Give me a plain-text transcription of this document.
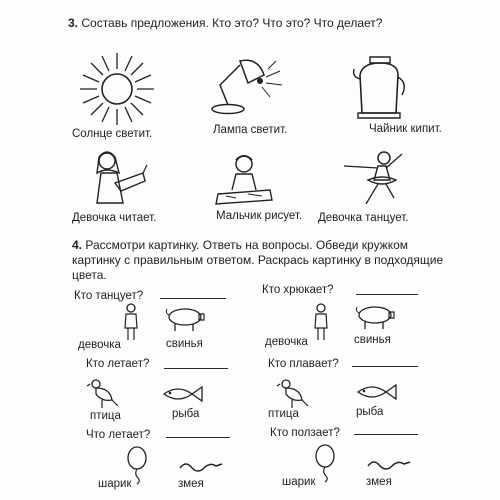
3. Составь предложения. Кто это? Что это? Что делает?
Солнце светит.	Лампа светит.	Чайник кипит.
Девочка читает.	Мальчик рисует. Девочка танцует.
4. Рассмотри картинку. Ответь на вопросы. Обведи кружком
картинку с правильным ответом. Раскрась картинку в подходящие
цвета.
Кто танцует?
девочка	свинья
Кто хрюкает?
девочка	свинья
Кто летает?
птица	рыба
Кто плавает?
птица	рыба
Что летает?
шарик	змея
Кто ползает?
шарик	змея
